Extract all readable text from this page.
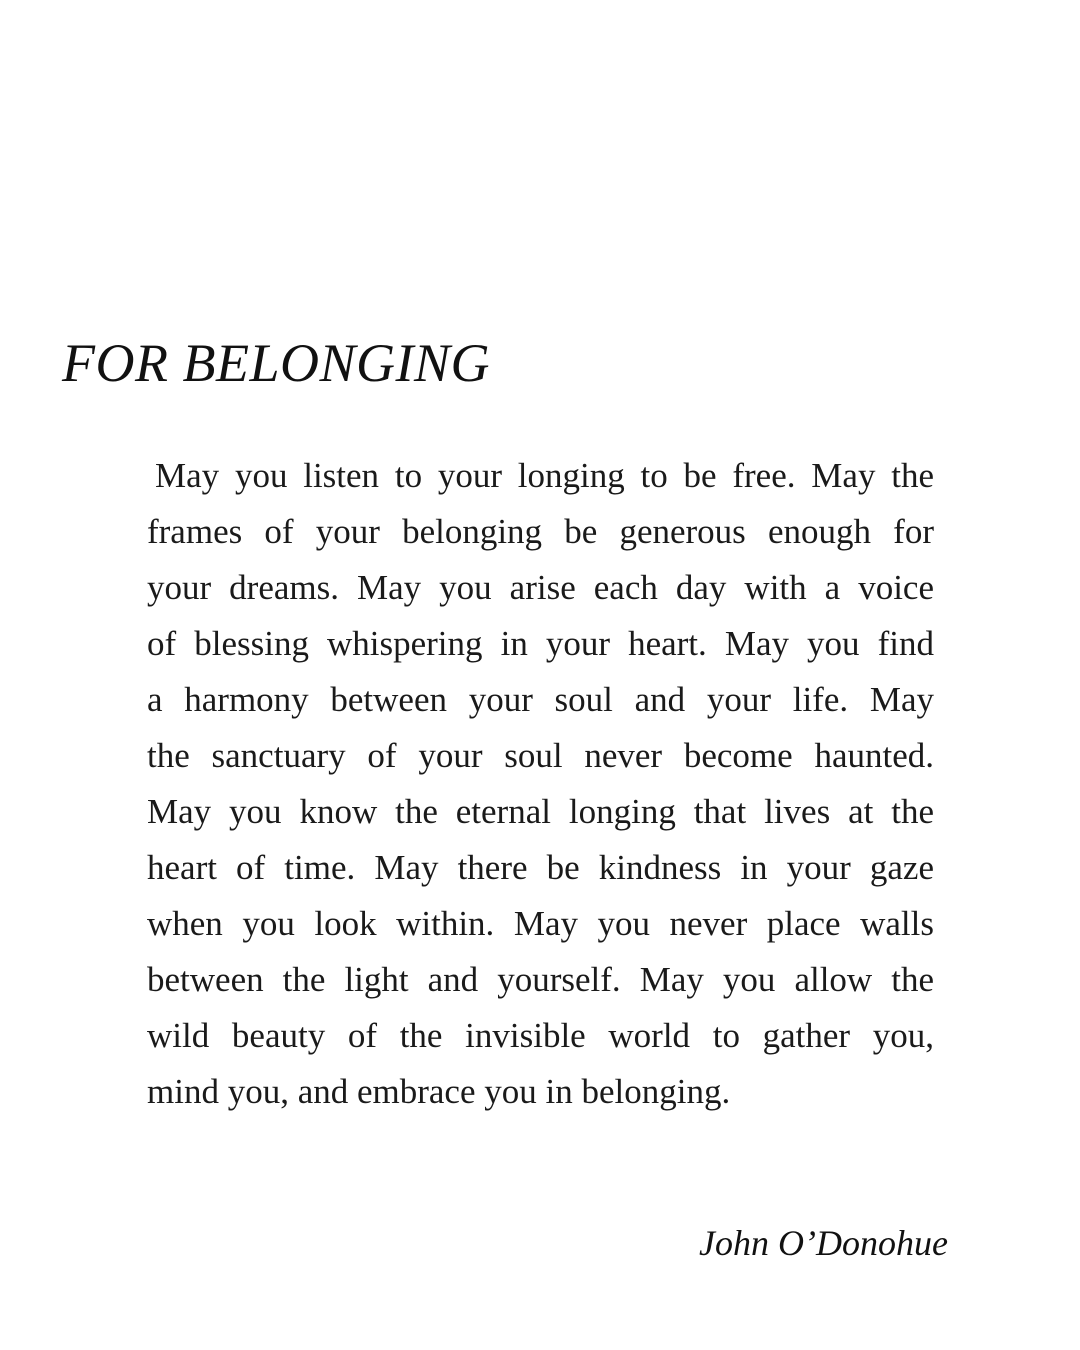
FOR BELONGING
May you listen to your longing to be free. May the
frames of your belonging be generous enough for
your dreams. May you arise each day with a voice
of blessing whispering in your heart. May you find
a harmony between your soul and your life. May
the sanctuary of your soul never become haunted.
May you know the eternal longing that lives at the
heart of time. May there be kindness in your gaze
when you look within. May you never place walls
between the light and yourself. May you allow the
wild beauty of the invisible world to gather you,
mind you, and embrace you in belonging.
John O’Donohue
